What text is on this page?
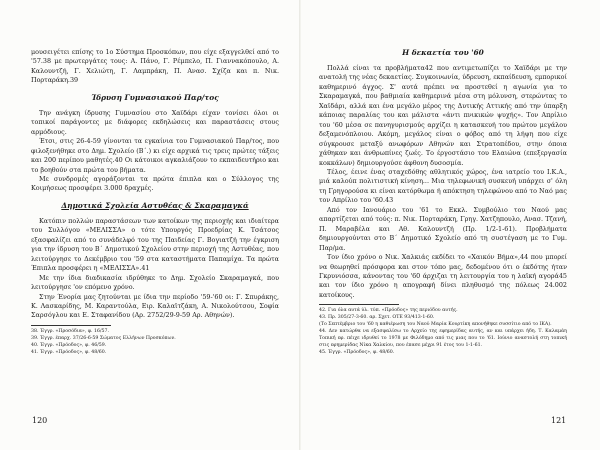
μουσειγέτει επίσης το 1ο Σύστημα Προσκόπων, που είχε εξαγγελθεί από το '57.38 με πρωτεργάτες τους: Α. Πάνο, Γ. Ρέμπελο, Π. Γιαννακόπουλο, Α. Καλουντζή, Γ. Χελιώτη, Γ. Λαμπράκη, Π. Ανασ. Σχίζα και π. Νικ. Πορταράκη.39

Ίδρυση Γυμνασιακού Παρ/τος

Την ανάγκη ίδρυσης Γυμνασίου στο Χαϊδάρι είχαν τονίσει όλοι οι τοπικοί παράγοντες με διάφορες εκδηλώσεις και παραστάσεις στους αρμόδιους.

Έτσι, στις 26-4-59 γίνονται τα εγκαίνια του Γυμνασιακού Παρ/τος, που φιλοξενήθηκε στο Δημ. Σχολείο (Β΄.) κι είχε αρχικά τις τρεις πρώτες τάξεις και 200 περίπου μαθητές.40 Οι κάτοικοι αγκαλιάζουν το εκπαιδευτήριο και το βοηθούν στα πρώτα του βήματα.

Με συνδρομές αγοράζονται τα πρώτα έπιπλα και ο Σύλλογος της Κοιμήσεως προσφέρει 3.000 δραχμές.

Δημοτικά Σχολεία Αστυθέας & Σκαραμαγκά

Κατόπιν πολλών παραστάσεων των κατοίκων της περιοχής και ιδιαίτερα του Συλλόγου «ΜΕΛΙΣΣΑ» ο τότε Υπουργός Προεδρίας Κ. Τσάτσος εξασφαλίζει από το συνάδελφό του της Παιδείας Γ. Βογιατζή την έγκριση για την ίδρυση του Β΄ Δημοτικού Σχολείου στην περιοχή της Αστυθέας, που λειτούργησε το Δεκέμβριο του '59 στα καταστήματα Παπαμίχα. Τα πρώτα Έπιπλα προσφέρει η «ΜΕΛΙΣΣΑ».41

Με την ίδια διαδικασία ιδρύθηκε το Δημ. Σχολείο Σκαραμαγκά, που λειτούργησε 'ον επόμενο χρόνο.

Στην Ένορία μας ζητούνται με ίδια την περίοδο '59-'60 οι: Γ. Σπυράκης, Κ. Λασκαρίδης, Μ. Καραντούλα, Ειρ. Καλαϊτζάκη, Α. Νικολούτσου, Σοφία Σαρσόγλου και Ε. Σταφανίδου (Αρ. 2752/29-9-59 Αρ. Αθηνών).

38. Έγγρ. «Προσόδια», φ. 16/57.

39. Έγγρ. έπαρχ. 37/26-6-59 Σώματος Ελλήνων Προσκόπων.

40. Έγγρ. «Πρόοδος», φ. 46/59.

41. Έγγρ. «Πρόοδος», φ. 48/60.

120
Η δεκαετία του '60

Πολλά είναι τα προβλήματα42 που αντιμετωπίζει το Χαϊδάρι με την ανατολή της νέας δεκαετίας. Συγκοινωνία, ύδρευση, εκπαίδευση, εμπορικοί καθημερινό άγχος. Σ' αυτά πρέπει να προστεθεί η αγωνία για το Σκαραμαγκά, που βαθμιαία καθημερινά μέσα στη μόλυνση, στερώντας το Χαϊδάρι, αλλά και ένα μεγάλο μέρος της Δυτικής Αττικής από την ύπαρξη κάποιας παραλίας του και μάλιστα «άντι πνικικών ψυχής». Τον Απρίλιο του '60 μέσα σε πανηγυρισμούς αρχίζει η κατασκευή του πρώτου μεγάλου δεξαμενόπλοιου. Ακόμη, μεγάλος είναι ο φόβος από τη λήψη που είχε σύγκρουσε μεταξύ ανωφόρων Αθηνών και Στρατοπέδου, στην όποια χάθηκαν και άνθρωπίνες ζωές. Το έργοστάσιο του Ελαιώνα (επεξεργασία κοκκάλων) δημιουργούσε άφθονη δυσοσμία.

Τέλος, έεινε ένας σταχεδόθης αθλητικός χώρος, ένα ιατρείο του Ι.Κ.Α., μιά καλούπ πολιτιστική κίνηση... Μια τηλεφωνική συσκευή υπάρχει σ' όλη τη Γρηγορούσα κι είναι κατόρθωμα ή απόκτηση τηλεφώνου από το Ναό μας τον Απρίλιο του '60.43

Από τον Ιανουάριο του '61 το Εκκλ. Συμβούλιο του Ναού μας απαρτίζεται από τούς: π. Νικ. Πορταράκη, Γρηγ. Χατζηπουλο, Ανασ. Τζανή, Π. Μαραβέλα και Αθ. Καλουντζή (Πρ. 1/2-1-61). Προβλήματα δημιουργούνται στο Β΄ Δημοτικό Σχολείο από τη συστέγαση με το Γυμ. Παρ/μα.

Τον ίδιο χρόνο ο Νικ. Χαλκιάς εκδίδει το «Χαικόν Βήμα»,44 που μπορεί να θεωρηθεί πρόσφορα και στον τόπο μας, δεδομένου ότι ο έκδότης ήταν Γκρυνιόσσα, κάνοντας του '60 άρχιζαι τη λειτουργία του η λαϊκή αγορά45 και τον ίδιο χρόνο η απογραφή δίνει πληθυσμό της πόλεως 24.002 κατοίκους.

42. Για όλα αυτά ύλ. τύπ. «Πρόοδος» της περιόδου αυτής.

43. Πρ. 305/27-3-60. αρ. Σχετ. ΟΤΕ 93/413-1-60.

(Το Σεπτέμβριο του '60 η καθιέρωση του Ναού Μαρία Κουρτίκη απονήθηκε συσσίτιο από το ΙΚΑ).

44. Δεν κατώρθα να εξασφαλίσω το Αρχείο της εφημερίδας αυτής, αν και υπάρχει ήδη. Τ. Καλαμάη Τοπική εφ. πέιχε ιδρυθεί το 1978 με Φιλόδημο από τις μιας που το '61. Ιούνιο αναστολή στη τοπική στις εφημερίδας Νίκα Χαλκίου, που έπασε μέχρι 91 έτος του 1-1-61.

45. Έγγρ. «Πρόοδος», φ. 48/60.

121
